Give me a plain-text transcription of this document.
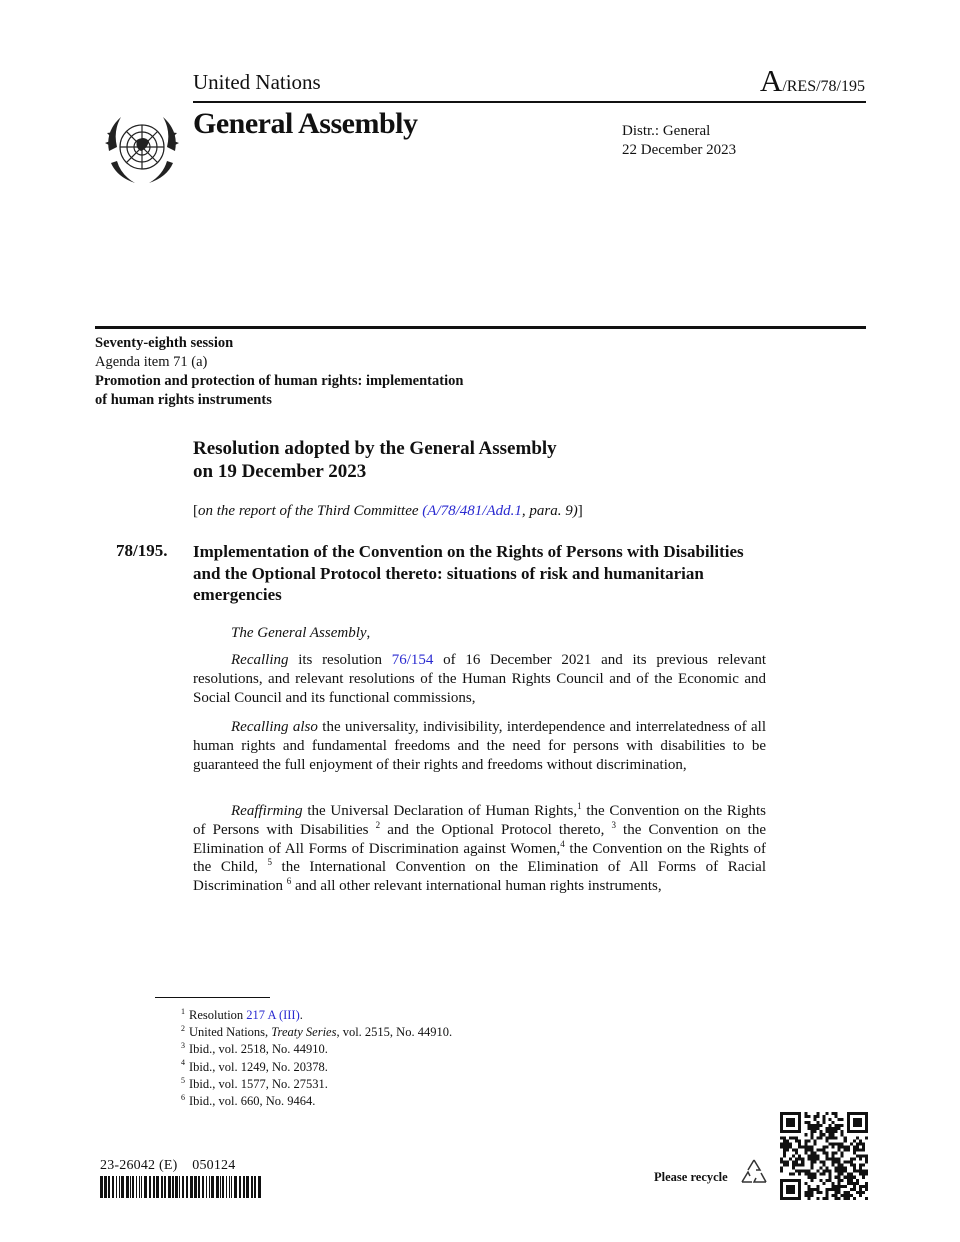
United Nations	A/RES/78/195
General Assembly	Distr.: General
22 December 2023
Seventy-eighth session
Agenda item 71 (a)
Promotion and protection of human rights: implementation
of human rights instruments
Resolution adopted by the General Assembly
on 19 December 2023
[on the report of the Third Committee (A/78/481/Add.1, para. 9)]
78/195. Implementation of the Convention on the Rights of Persons with Disabilities and the Optional Protocol thereto: situations of risk and humanitarian emergencies

The General Assembly,

Recalling its resolution 76/154 of 16 December 2021 and its previous relevant resolutions, and relevant resolutions of the Human Rights Council and of the Economic and Social Council and its functional commissions,

Recalling also the universality, indivisibility, interdependence and interrelatedness of all human rights and fundamental freedoms and the need for persons with disabilities to be guaranteed the full enjoyment of their rights and freedoms without discrimination,

Reaffirming the Universal Declaration of Human Rights,$^1$ the Convention on the Rights of Persons with Disabilities $^2$ and the Optional Protocol thereto, $^3$ the Convention on the Elimination of All Forms of Discrimination against Women,$^4$ the Convention on the Rights of the Child, $^5$ the International Convention on the Elimination of All Forms of Racial Discrimination $^6$ and all other relevant international human rights instruments,

$^1$ Resolution 217 A (III).
$^2$ United Nations, Treaty Series, vol. 2515, No. 44910.
$^3$ Ibid., vol. 2518, No. 44910.
$^4$ Ibid., vol. 1249, No. 20378.
$^5$ Ibid., vol. 1577, No. 27531.
$^6$ Ibid., vol. 660, No. 9464.
23-26042 (E)    050124
Please recycle
